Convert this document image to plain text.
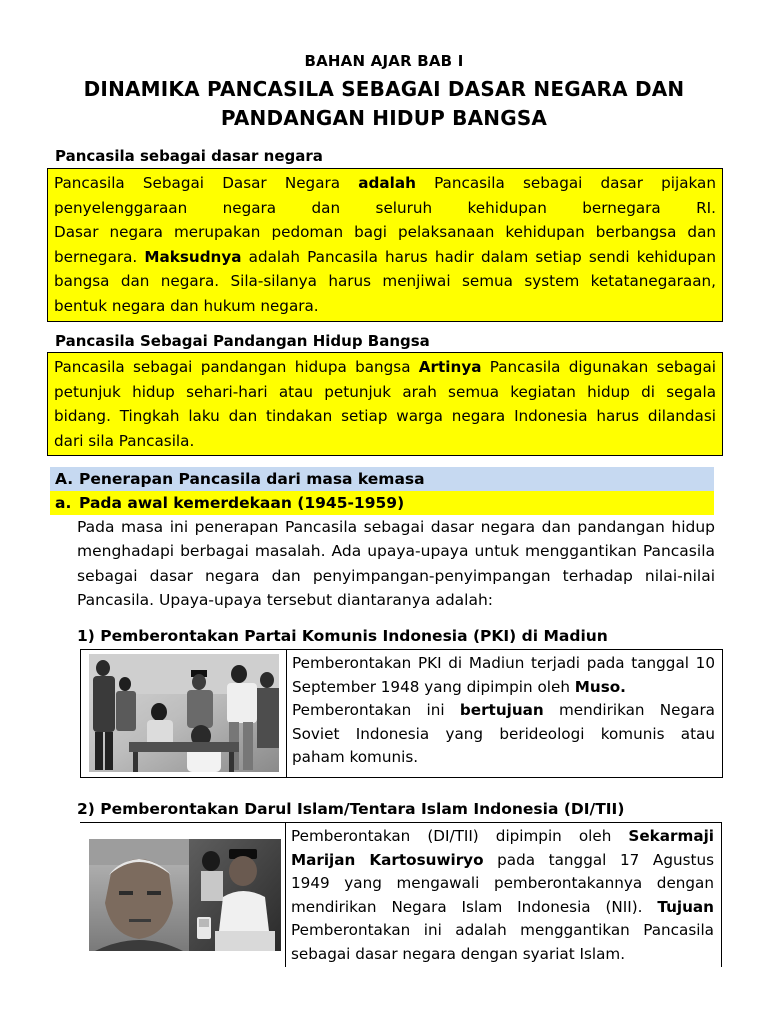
BAHAN AJAR BAB I
DINAMIKA PANCASILA SEBAGAI DASAR NEGARA DAN
PANDANGAN HIDUP BANGSA
Pancasila sebagai dasar negara
Pancasila Sebagai Dasar Negara adalah Pancasila sebagai dasar pijakan
penyelenggaraan negara dan seluruh kehidupan bernegara RI.
Dasar negara merupakan pedoman bagi pelaksanaan kehidupan berbangsa dan
bernegara. Maksudnya adalah Pancasila harus hadir dalam setiap sendi kehidupan
bangsa dan negara. Sila-silanya harus menjiwai semua system ketatanegaraan,
bentuk negara dan hukum negara.
Pancasila Sebagai Pandangan Hidup Bangsa
Pancasila sebagai pandangan hidupa bangsa Artinya Pancasila digunakan sebagai
petunjuk hidup sehari-hari atau petunjuk arah semua kegiatan hidup di segala
bidang. Tingkah laku dan tindakan setiap warga negara Indonesia harus dilandasi
dari sila Pancasila.
A. Penerapan Pancasila dari masa kemasa
a. Pada awal kemerdekaan (1945-1959)
Pada masa ini penerapan Pancasila sebagai dasar negara dan pandangan hidup
menghadapi berbagai masalah. Ada upaya-upaya untuk menggantikan Pancasila
sebagai dasar negara dan penyimpangan-penyimpangan terhadap nilai-nilai
Pancasila. Upaya-upaya tersebut diantaranya adalah:
1) Pemberontakan Partai Komunis Indonesia (PKI) di Madiun
Pemberontakan PKI di Madiun terjadi pada tanggal 10
September 1948 yang dipimpin oleh Muso.
Pemberontakan ini bertujuan mendirikan Negara
Soviet Indonesia yang berideologi komunis atau
paham komunis.
2) Pemberontakan Darul Islam/Tentara Islam Indonesia (DI/TII)
Pemberontakan (DI/TII) dipimpin oleh Sekarmaji
Marijan Kartosuwiryo pada tanggal 17 Agustus
1949 yang mengawali pemberontakannya dengan
mendirikan Negara Islam Indonesia (NII). Tujuan
Pemberontakan ini adalah menggantikan Pancasila
sebagai dasar negara dengan syariat Islam.
